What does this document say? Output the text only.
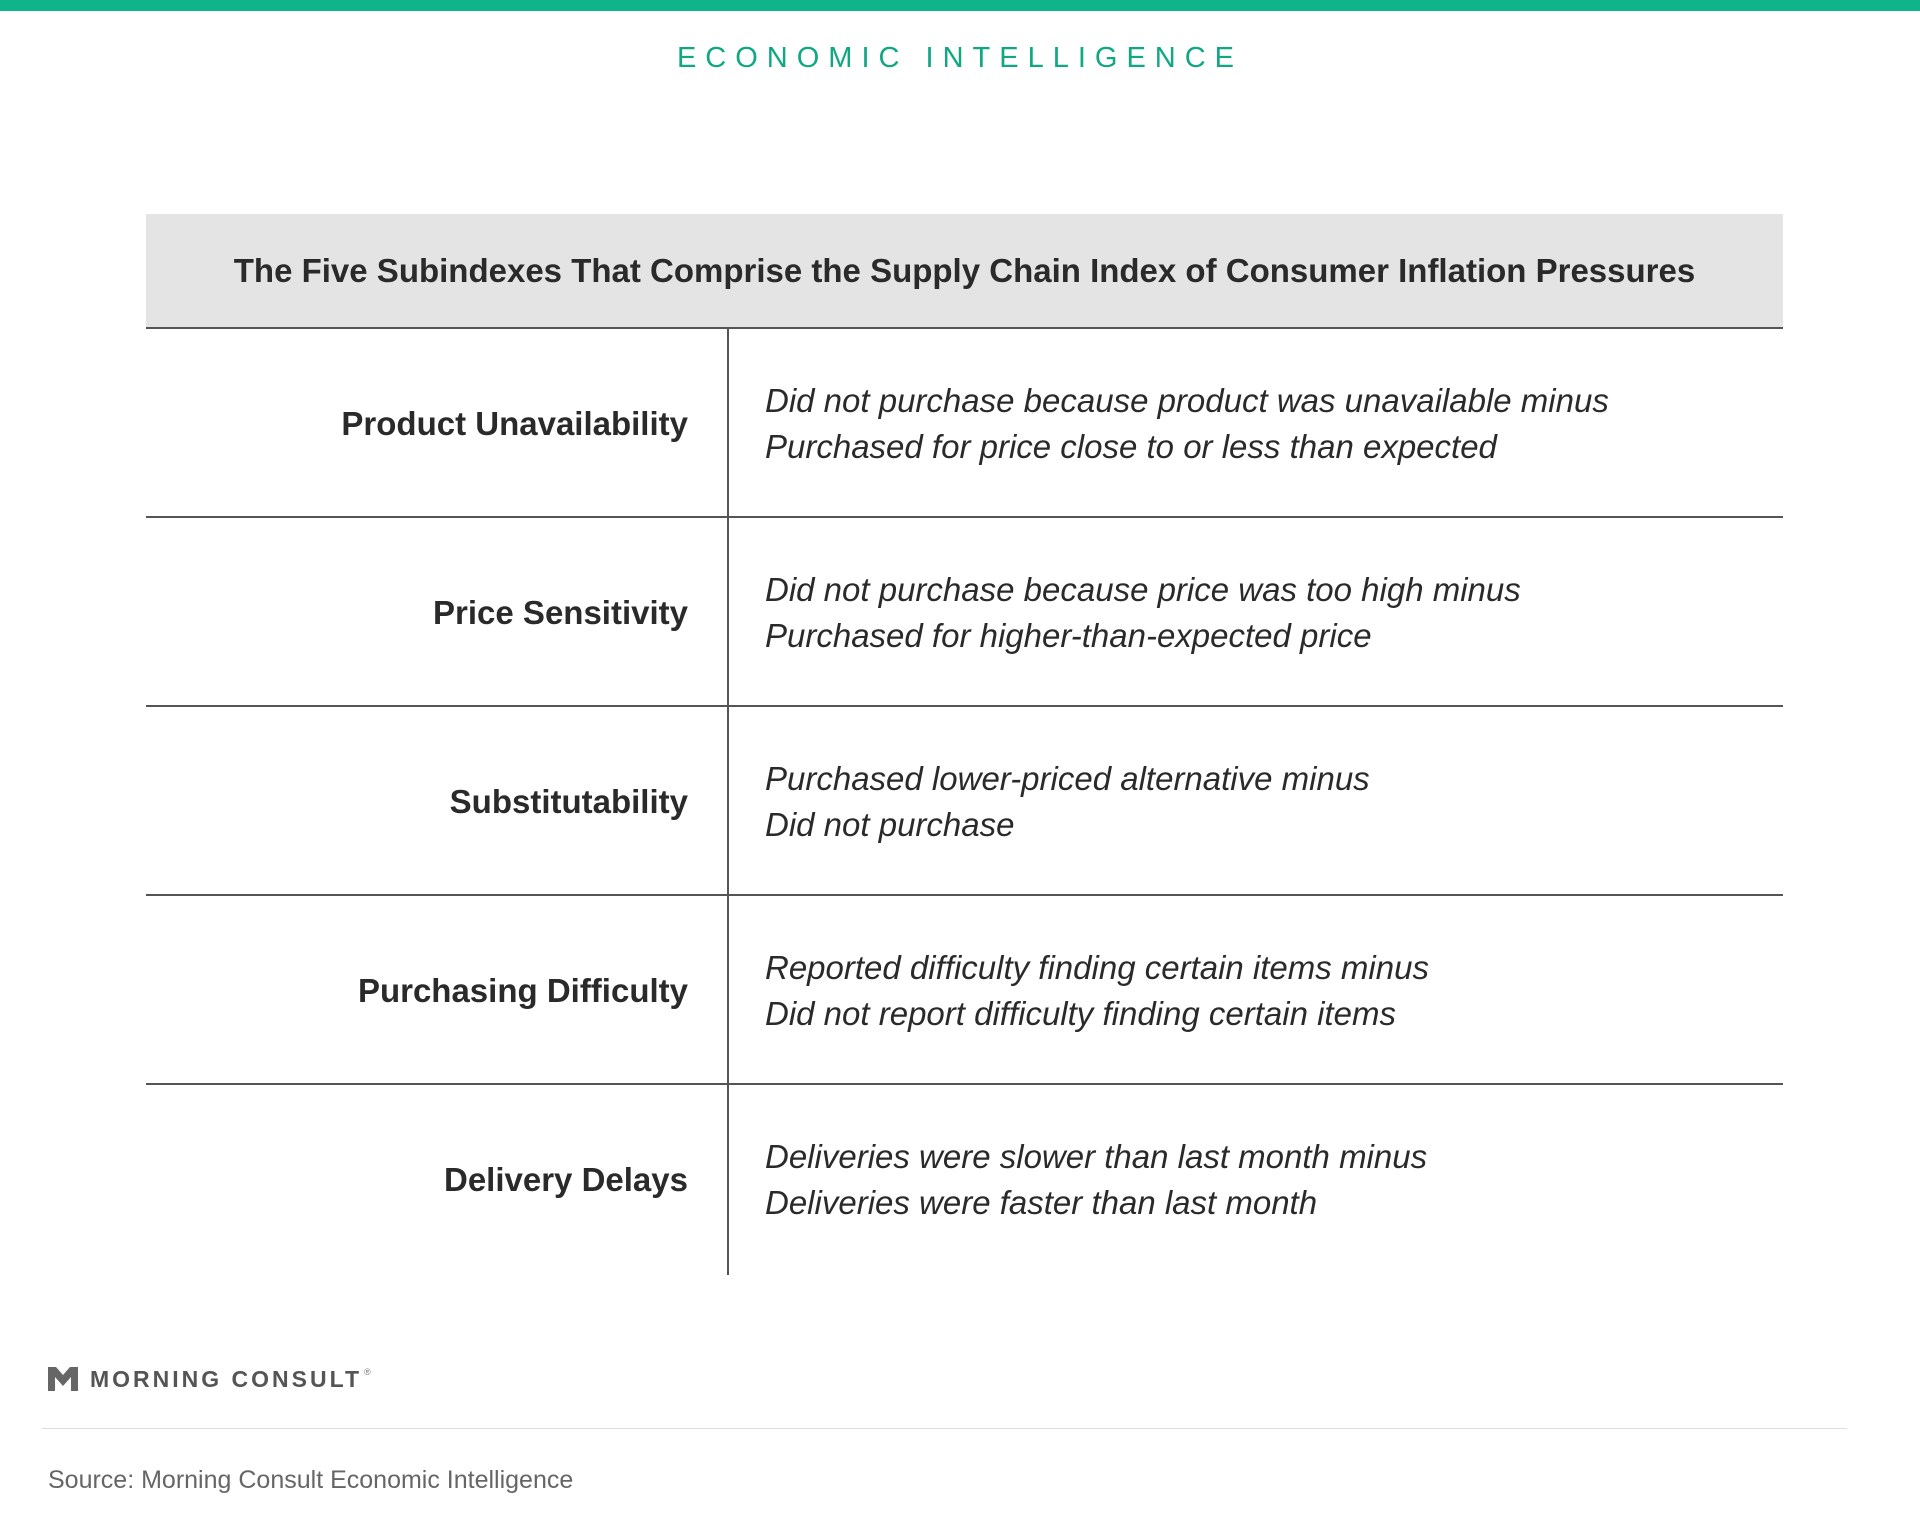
ECONOMIC INTELLIGENCE
The Five Subindexes That Comprise the Supply Chain Index of Consumer Inflation Pressures
Product Unavailability
Did not purchase because product was unavailable minus
Purchased for price close to or less than expected
Price Sensitivity
Did not purchase because price was too high minus
Purchased for higher-than-expected price
Substitutability
Purchased lower-priced alternative minus
Did not purchase
Purchasing Difficulty
Reported difficulty finding certain items minus
Did not report difficulty finding certain items
Delivery Delays
Deliveries were slower than last month minus
Deliveries were faster than last month
MORNING CONSULT ®
Source: Morning Consult Economic Intelligence
